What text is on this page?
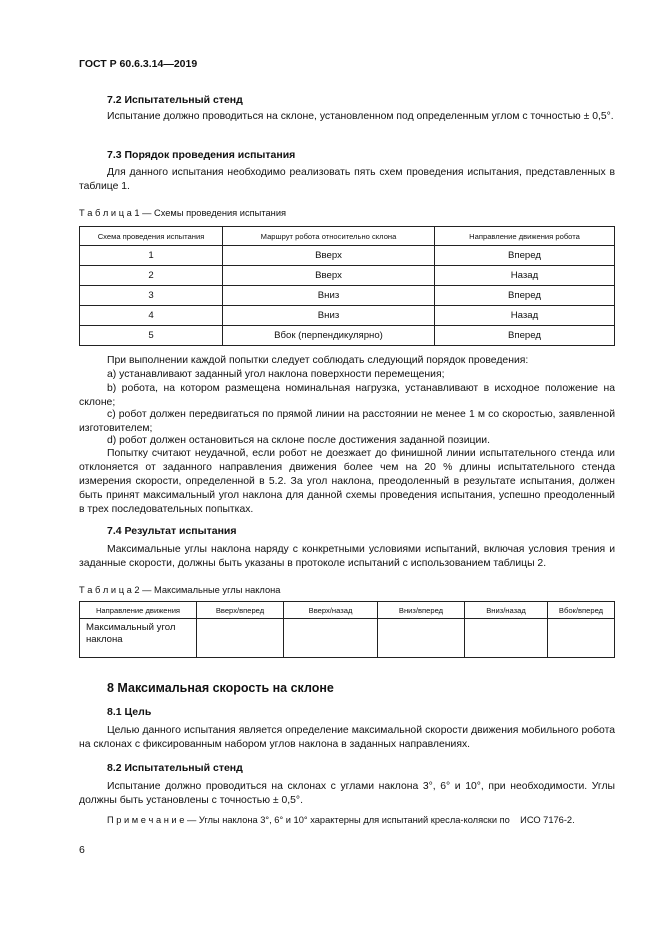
ГОСТ Р 60.6.3.14—2019
7.2 Испытательный стенд
Испытание должно проводиться на склоне, установленном под определенным углом с точностью ± 0,5°.
7.3 Порядок проведения испытания
Для данного испытания необходимо реализовать пять схем проведения испытания, представленных в таблице 1.
Т а б л и ц а 1 — Схемы проведения испытания
Схема проведения испытания	Маршрут робота относительно склона	Направление движения робота
1	Вверх	Вперед
2	Вверх	Назад
3	Вниз	Вперед
4	Вниз	Назад
5	Вбок (перпендикулярно)	Вперед
При выполнении каждой попытки следует соблюдать следующий порядок проведения:
а) устанавливают заданный угол наклона поверхности перемещения;
b) робота, на котором размещена номинальная нагрузка, устанавливают в исходное положение на склоне;
с) робот должен передвигаться по прямой линии на расстоянии не менее 1 м со скоростью, заявленной изготовителем;
d) робот должен остановиться на склоне после достижения заданной позиции.
Попытку считают неудачной, если робот не доезжает до финишной линии испытательного стенда или отклоняется от заданного направления движения более чем на 20 % длины испытательного стенда измерения скорости, определенной в 5.2. За угол наклона, преодоленный в результате испытания, должен быть принят максимальный угол наклона для данной схемы проведения испытания, успешно преодоленный в трех последовательных попытках.
7.4 Результат испытания
Максимальные углы наклона наряду с конкретными условиями испытаний, включая условия трения и заданные скорости, должны быть указаны в протоколе испытаний с использованием таблицы 2.
Т а б л и ц а 2 — Максимальные углы наклона
Направление движения	Вверх/вперед	Вверх/назад	Вниз/вперед	Вниз/назад	Вбок/вперед
Максимальный угол наклона					
8 Максимальная скорость на склоне
8.1 Цель
Целью данного испытания является определение максимальной скорости движения мобильного робота на склонах с фиксированным набором углов наклона в заданных направлениях.
8.2 Испытательный стенд
Испытание должно проводиться на склонах с углами наклона 3°, 6° и 10°, при необходимости. Углы должны быть установлены с точностью ± 0,5°.
П р и м е ч а н и е — Углы наклона 3°, 6° и 10° характерны для испытаний кресла-коляски по    ИСО 7176-2.
6
